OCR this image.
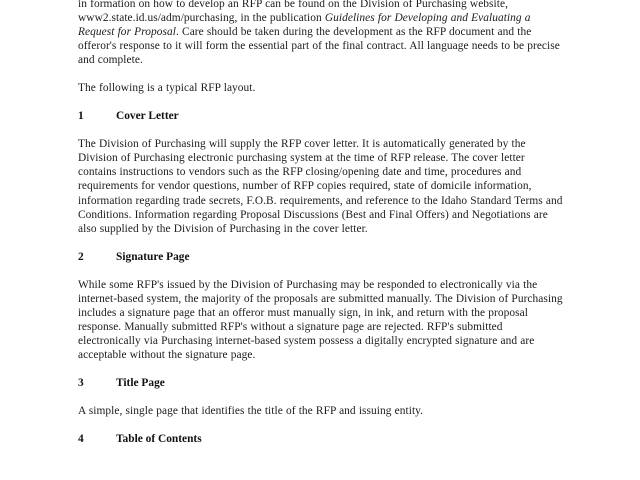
in formation on how to develop an RFP can be found on the Division of Purchasing website, www2.state.id.us/adm/purchasing, in the publication Guidelines for Developing and Evaluating a Request for Proposal. Care should be taken during the development as the RFP document and the offeror's response to it will form the essential part of the final contract. All language needs to be precise and complete.

The following is a typical RFP layout.

1	Cover Letter

The Division of Purchasing will supply the RFP cover letter. It is automatically generated by the Division of Purchasing electronic purchasing system at the time of RFP release. The cover letter contains instructions to vendors such as the RFP closing/opening date and time, procedures and requirements for vendor questions, number of RFP copies required, state of domicile information, information regarding trade secrets, F.O.B. requirements, and reference to the Idaho Standard Terms and Conditions. Information regarding Proposal Discussions (Best and Final Offers) and Negotiations are also supplied by the Division of Purchasing in the cover letter.

2	Signature Page

While some RFP's issued by the Division of Purchasing may be responded to electronically via the internet-based system, the majority of the proposals are submitted manually. The Division of Purchasing includes a signature page that an offeror must manually sign, in ink, and return with the proposal response. Manually submitted RFP's without a signature page are rejected. RFP's submitted electronically via Purchasing internet-based system possess a digitally encrypted signature and are acceptable without the signature page.

3	Title Page

A simple, single page that identifies the title of the RFP and issuing entity.

4	Table of Contents
